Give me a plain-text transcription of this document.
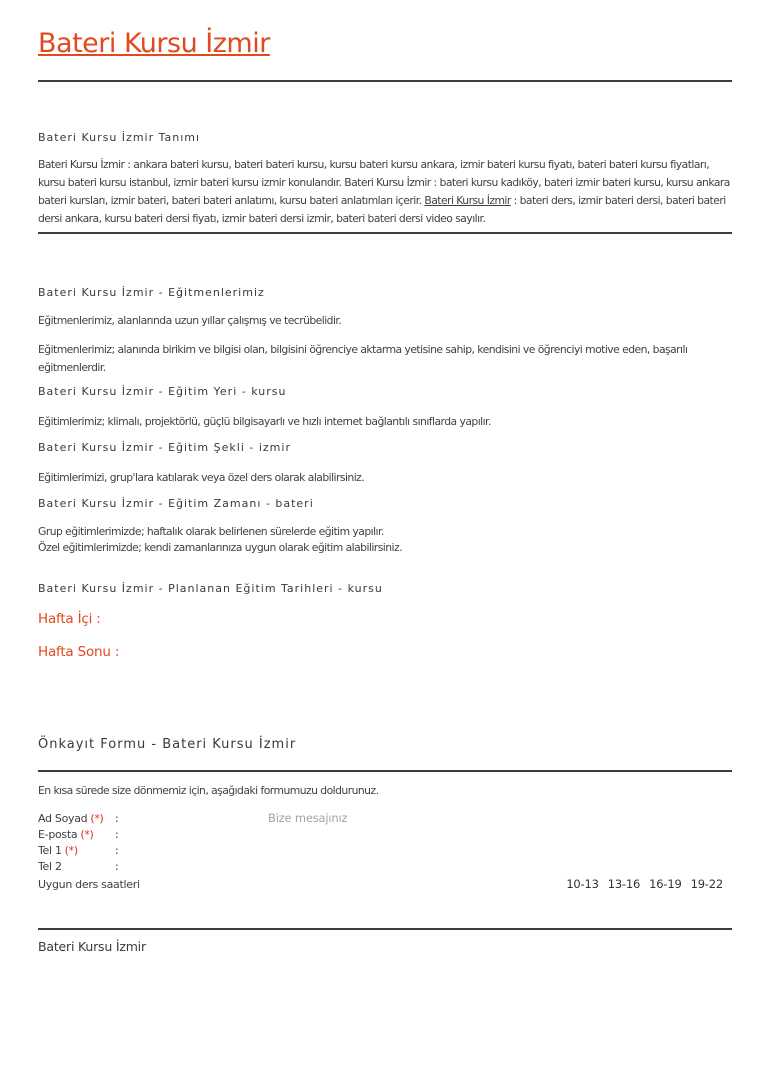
Bateri Kursu İzmir
Bateri Kursu İzmir Tanımı

Bateri Kursu İzmir : ankara bateri kursu, bateri bateri kursu, kursu bateri kursu ankara, izmir bateri kursu fiyatı, bateri bateri kursu fiyatları, kursu bateri kursu istanbul, izmir bateri kursu izmir konularıdır. Bateri Kursu İzmir : bateri kursu kadıköy, bateri izmir bateri kursu, kursu ankara bateri kursları, izmir bateri, bateri bateri anlatımı, kursu bateri anlatımları içerir. Bateri Kursu İzmir : bateri ders, izmir bateri dersi, bateri bateri dersi ankara, kursu bateri dersi fiyatı, izmir bateri dersi izmir, bateri bateri dersi video sayılır.

Bateri Kursu İzmir - Eğitmenlerimiz

Eğitmenlerimiz, alanlarında uzun yıllar çalışmış ve tecrübelidir.

Eğitmenlerimiz; alanında birikim ve bilgisi olan, bilgisini öğrenciye aktarma yetisine sahip, kendisini ve öğrenciyi motive eden, başarılı eğitmenlerdir.

Bateri Kursu İzmir - Eğitim Yeri - kursu

Eğitimlerimiz; klimalı, projektörlü, güçlü bilgisayarlı ve hızlı internet bağlantılı sınıflarda yapılır.

Bateri Kursu İzmir - Eğitim Şekli - izmir

Eğitimlerimizi, grup'lara katılarak veya özel ders olarak alabilirsiniz.

Bateri Kursu İzmir - Eğitim Zamanı - bateri
Grup eğitimlerimizde; haftalık olarak belirlenen sürelerde eğitim yapılır.
Özel eğitimlerimizde; kendi zamanlarınıza uygun olarak eğitim alabilirsiniz.
Bateri Kursu İzmir - Planlanan Eğitim Tarihleri - kursu
Hafta İçi :
Hafta Sonu :
Önkayıt Formu - Bateri Kursu İzmir

En kısa sürede size dönmemiz için, aşağıdaki formumuzu doldurunuz.

Ad Soyad (*)	:	Bize mesajınız
E-posta (*)	:
Tel 1 (*)	:
Tel 2	:
Uygun ders saatleri	10-13 13-16 16-19 19-22
Bateri Kursu İzmir
